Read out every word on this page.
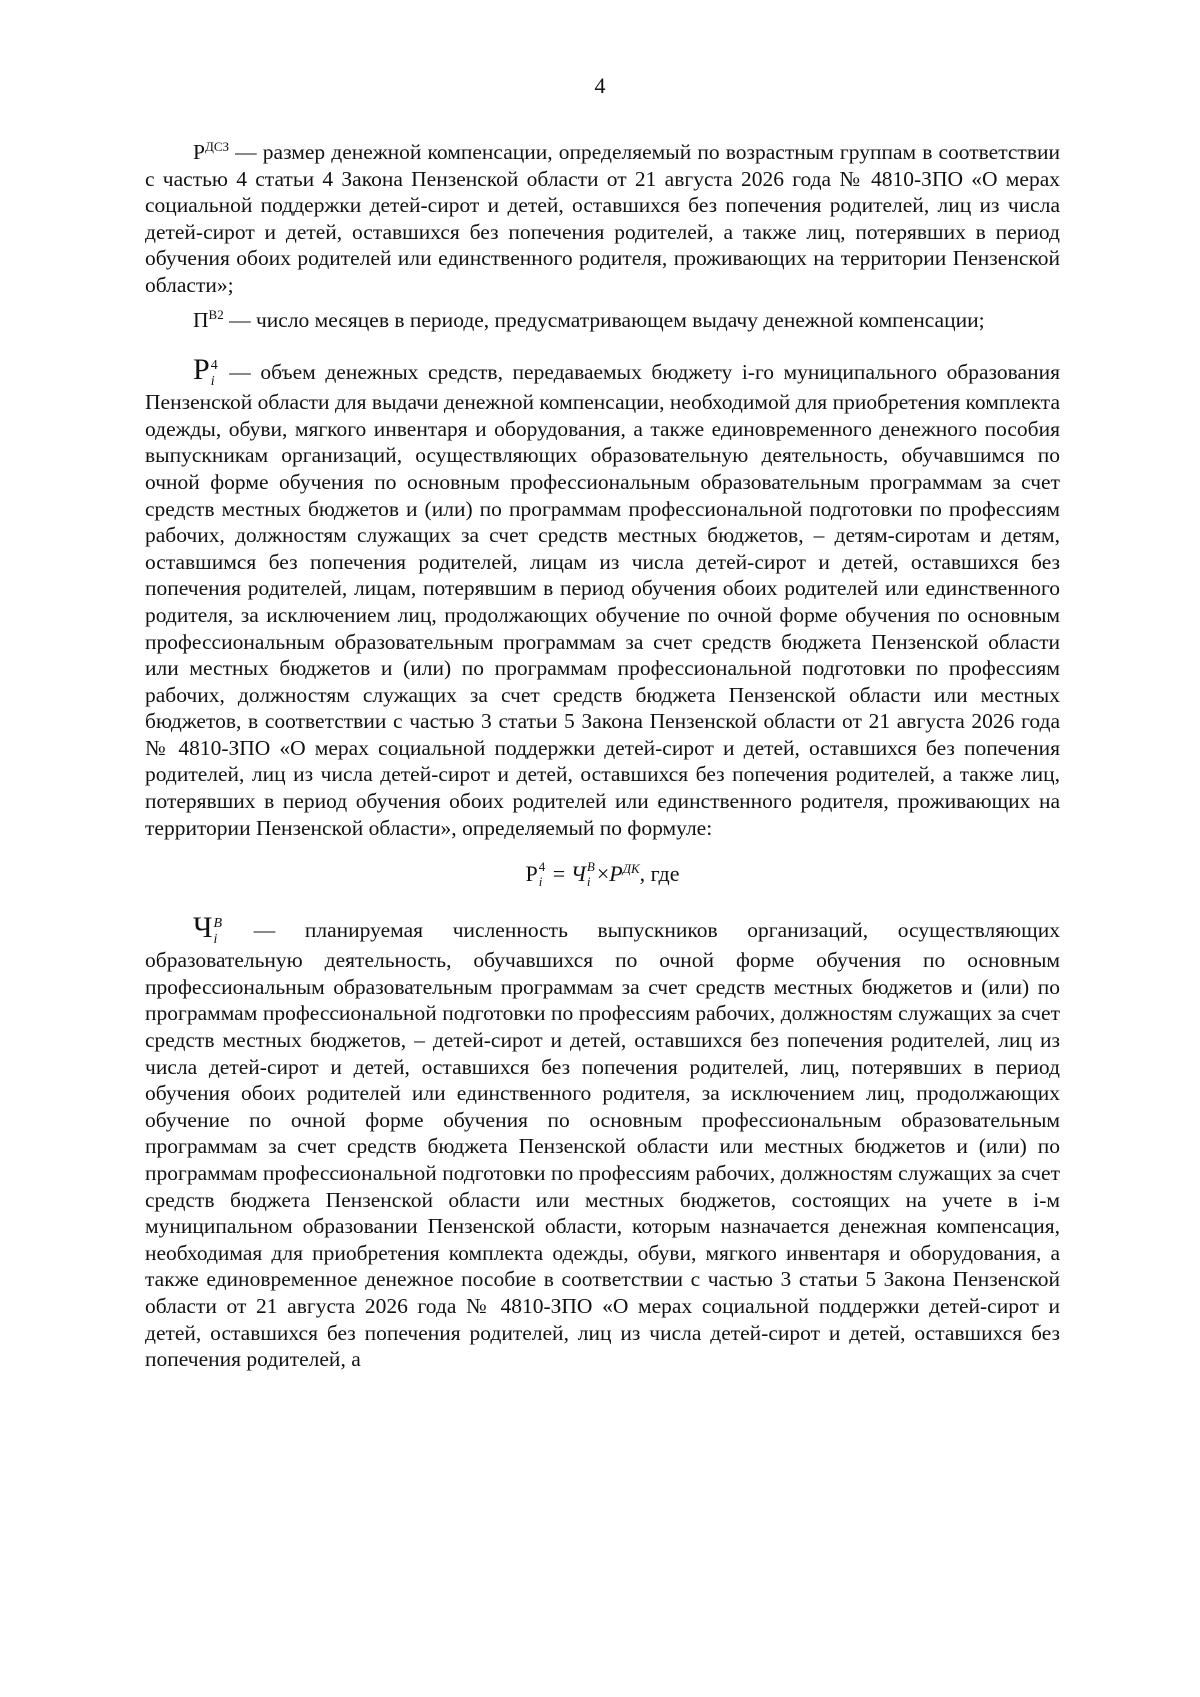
4

$Р^{ДСЗ}$ — размер денежной компенсации, определяемый по возрастным группам в соответствии с частью 4 статьи 4 Закона Пензенской области от 21 августа 2026 года № 4810-ЗПО «О мерах социальной поддержки детей-сирот и детей, оставшихся без попечения родителей, лиц из числа детей-сирот и детей, оставшихся без попечения родителей, а также лиц, потерявших в период обучения обоих родителей или единственного родителя, проживающих на территории Пензенской области»;

$П^{В2}$ — число месяцев в периоде, предусматривающем выдачу денежной компенсации;

Р 4
i — объем денежных средств, передаваемых бюджету i-го муниципального образования Пензенской области для выдачи денежной компенсации, необходимой для приобретения комплекта одежды, обуви, мягкого инвентаря и оборудования, а также единовременного денежного пособия выпускникам организаций, осуществляющих образовательную деятельность, обучавшимся по очной форме обучения по основным профессиональным образовательным программам за счет средств местных бюджетов и (или) по программам профессиональной подготовки по профессиям рабочих, должностям служащих за счет средств местных бюджетов, – детям-сиротам и детям, оставшимся без попечения родителей, лицам из числа детей-сирот и детей, оставшихся без попечения родителей, лицам, потерявшим в период обучения обоих родителей или единственного родителя, за исключением лиц, продолжающих обучение по очной форме обучения по основным профессиональным образовательным программам за счет средств бюджета Пензенской области или местных бюджетов и (или) по программам профессиональной подготовки по профессиям рабочих, должностям служащих за счет средств бюджета Пензенской области или местных бюджетов, в соответствии с частью 3 статьи 5 Закона Пензенской области от 21 августа 2026 года № 4810-ЗПО «О мерах социальной поддержки детей-сирот и детей, оставшихся без попечения родителей, лиц из числа детей-сирот и детей, оставшихся без попечения родителей, а также лиц, потерявших в период обучения обоих родителей или единственного родителя, проживающих на территории Пензенской области», определяемый по формуле:

Р 4
i = Ч В
$i \times Р^{ДК}$, где

Ч В
i — планируемая численность выпускников организаций, осуществляющих образовательную деятельность, обучавшихся по очной форме обучения по основным профессиональным образовательным программам за счет средств местных бюджетов и (или) по программам профессиональной подготовки по профессиям рабочих, должностям служащих за счет средств местных бюджетов, – детей-сирот и детей, оставшихся без попечения родителей, лиц из числа детей-сирот и детей, оставшихся без попечения родителей, лиц, потерявших в период обучения обоих родителей или единственного родителя, за исключением лиц, продолжающих обучение по очной форме обучения по основным профессиональным образовательным программам за счет средств бюджета Пензенской области или местных бюджетов и (или) по программам профессиональной подготовки по профессиям рабочих, должностям служащих за счет средств бюджета Пензенской области или местных бюджетов, состоящих на учете в i-м муниципальном образовании Пензенской области, которым назначается денежная компенсация, необходимая для приобретения комплекта одежды, обуви, мягкого инвентаря и оборудования, а также единовременное денежное пособие в соответствии с частью 3 статьи 5 Закона Пензенской области от 21 августа 2026 года № 4810-ЗПО «О мерах социальной поддержки детей-сирот и детей, оставшихся без попечения родителей, лиц из числа детей-сирот и детей, оставшихся без попечения родителей, а
